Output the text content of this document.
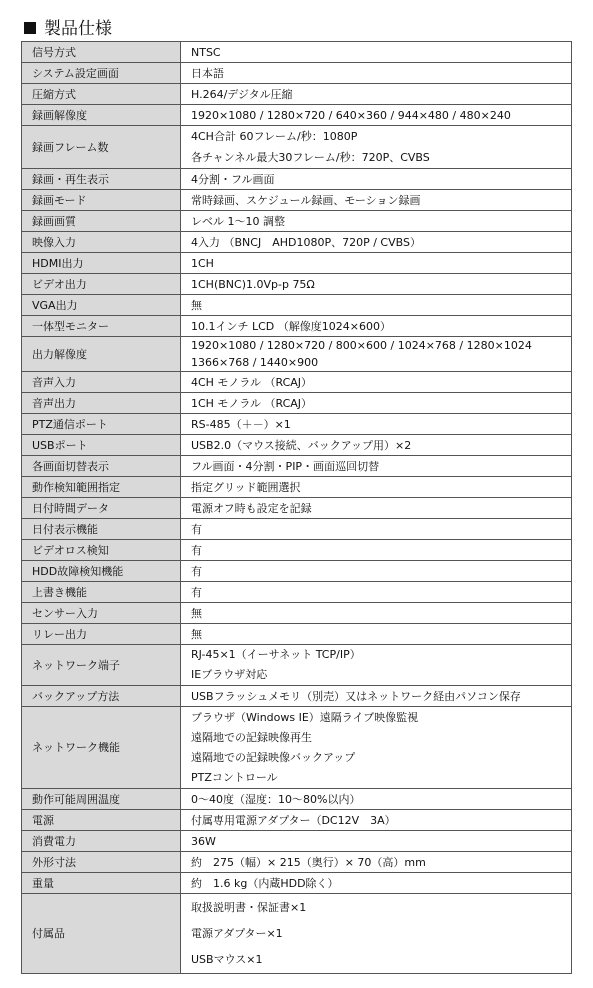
製品仕様
信号方式	NTSC

システム設定画面	日本語

圧縮方式	H.264/デジタル圧縮

録画解像度	1920×1080 / 1280×720 / 640×360 / 944×480 / 480×240

録画フレーム数	4CH合計 60フレーム/秒：1080P
各チャンネル最大30フレーム/秒：720P、CVBS

録画・再生表示	4分割・フル画面

録画モード	常時録画、スケジュール録画、モーション録画

録画画質	レベル 1〜10 調整

映像入力	4入力 （BNCJ　AHD1080P、720P / CVBS）

HDMI出力	1CH

ビデオ出力	1CH(BNC)1.0Vp-p 75Ω

VGA出力	無

一体型モニター	10.1インチ LCD （解像度1024×600）

出力解像度	1920×1080 / 1280×720 / 800×600 / 1024×768 / 1280×1024
1366×768 / 1440×900

音声入力	4CH モノラル （RCAJ）

音声出力	1CH モノラル （RCAJ）

PTZ通信ポート	RS-485（＋－）×1

USBポート	USB2.0（マウス接続、バックアップ用）×2

各画面切替表示	フル画面・4分割・PIP・画面巡回切替

動作検知範囲指定	指定グリッド範囲選択

日付時間データ	電源オフ時も設定を記録

日付表示機能	有

ビデオロス検知	有

HDD故障検知機能	有

上書き機能	有

センサー入力	無

リレー出力	無

ネットワーク端子	RJ-45×1（イーサネット TCP/IP）
IEブラウザ対応

バックアップ方法	USBフラッシュメモリ（別売）又はネットワーク経由パソコン保存

ネットワーク機能	ブラウザ（Windows IE）遠隔ライブ映像監視
遠隔地での記録映像再生
遠隔地での記録映像バックアップ
PTZコントロール

動作可能周囲温度	0〜40度（湿度：10〜80%以内）

電源	付属専用電源アダプター（DC12V　3A）

消費電力	36W

外形寸法	約　275（幅）× 215（奥行）× 70（高）mm

重量	約　1.6 kg（内蔵HDD除く）

付属品	取扱説明書・保証書×1
電源アダプター×1
USBマウス×1
